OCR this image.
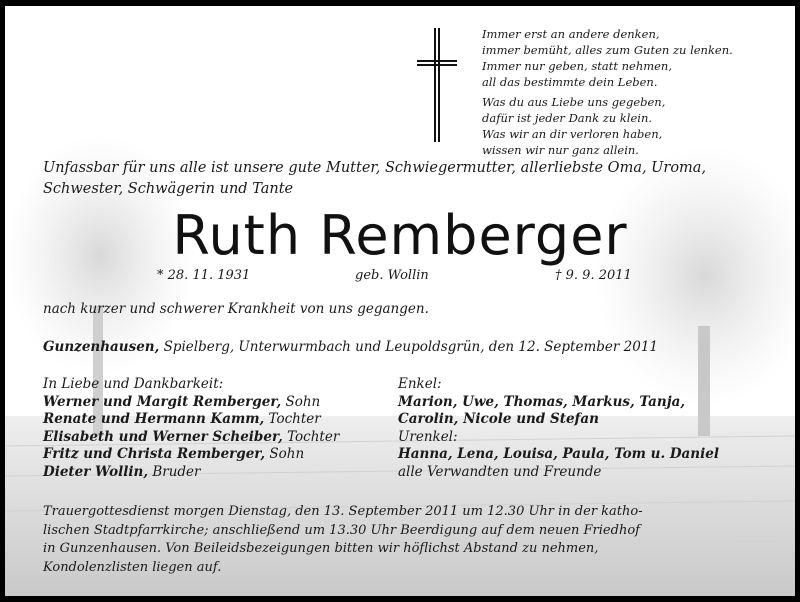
Immer erst an andere denken,
immer bemüht, alles zum Guten zu lenken.
Immer nur geben, statt nehmen,
all das bestimmte dein Leben.
Was du aus Liebe uns gegeben,
dafür ist jeder Dank zu klein.
Was wir an dir verloren haben,
wissen wir nur ganz allein.
Unfassbar für uns alle ist unsere gute Mutter, Schwiegermutter, allerliebste Oma, Uroma,
Schwester, Schwägerin und Tante
Ruth Remberger
* 28. 11. 1931	geb. Wollin	† 9. 9. 2011
nach kurzer und schwerer Krankheit von uns gegangen.
Gunzenhausen, Spielberg, Unterwurmbach und Leupoldsgrün, den 12. September 2011
In Liebe und Dankbarkeit:
Werner und Margit Remberger, Sohn
Renate und Hermann Kamm, Tochter
Elisabeth und Werner Scheiber, Tochter
Fritz und Christa Remberger, Sohn
Dieter Wollin, Bruder
Enkel:
Marion, Uwe, Thomas, Markus, Tanja,
Carolin, Nicole und Stefan
Urenkel:
Hanna, Lena, Louisa, Paula, Tom u. Daniel
alle Verwandten und Freunde
Trauergottesdienst morgen Dienstag, den 13. September 2011 um 12.30 Uhr in der katho-
lischen Stadtpfarrkirche; anschließend um 13.30 Uhr Beerdigung auf dem neuen Friedhof
in Gunzenhausen. Von Beileidsbezeigungen bitten wir höflichst Abstand zu nehmen,
Kondolenzlisten liegen auf.
